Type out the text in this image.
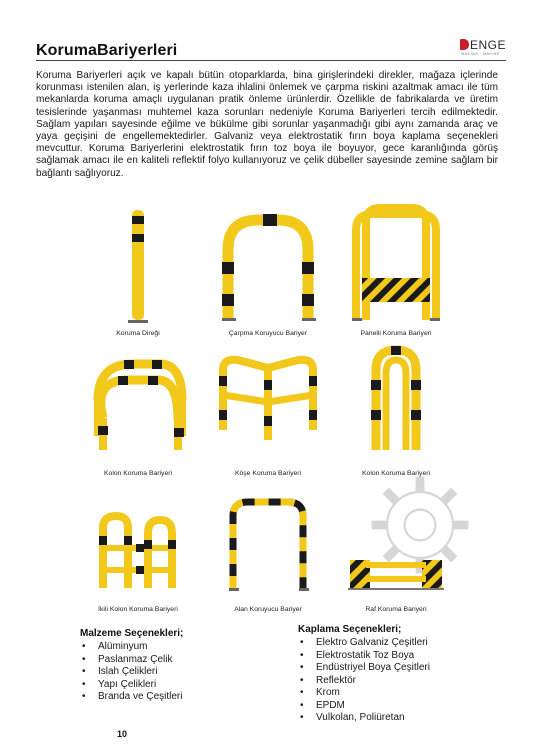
KorumaBariyerleri	ENGE
MAKİNA · MAKİNE

Koruma Bariyerleri açık ve kapalı bütün otoparklarda, bina girişlerindeki direkler, mağaza içlerinde korunması istenilen alan, iş yerlerinde kaza ihlalini önlemek ve çarpma riskini azaltmak amacı ile tüm mekanlarda koruma amaçlı uygulanan pratik önleme ürünlerdir. Özellikle de fabrikalarda ve üretim tesislerinde yaşanması muhtemel kaza sorunları nedeniyle Koruma Bariyerleri tercih edilmektedir. Sağlam yapıları sayesinde eğilme ve bükülme gibi sorunlar yaşanmadığı gibi aynı zamanda araç ve yaya geçişini de engellemektedirler. Galvaniz veya elektrostatik fırın boya kaplama seçenekleri mevcuttur. Koruma Bariyerlerini elektrostatik fırın toz boya ile boyuyor, gece karanlığında görüş sağlamak amacı ile en kaliteli reflektif folyo kullanıyoruz ve çelik dübeller sayesinde zemine sağlam bir bağlantı sağlıyoruz.

Koruma Direği	Çarpma Koruyucu Bariyer	Panelli Koruma Bariyeri
Kolon Koruma Bariyeri	Köşe Koruma Bariyeri	Kolon Koruma Bariyeri
İkili Kolon Koruma Bariyeri	Alan Koruyucu Bariyer	Raf Koruma Bariyeri
Malzeme Seçenekleri;
• Alüminyum
• Paslanmaz Çelik
• Islah Çelikleri
• Yapı Çelikleri
• Branda ve Çeşitleri
Kaplama Seçenekleri;
• Elektro Galvaniz Çeşitleri
• Elektrostatik Toz Boya
• Endüstriyel Boya Çeşitleri
• Reflektör
• Krom
• EPDM
• Vulkolan, Poliüretan
10
